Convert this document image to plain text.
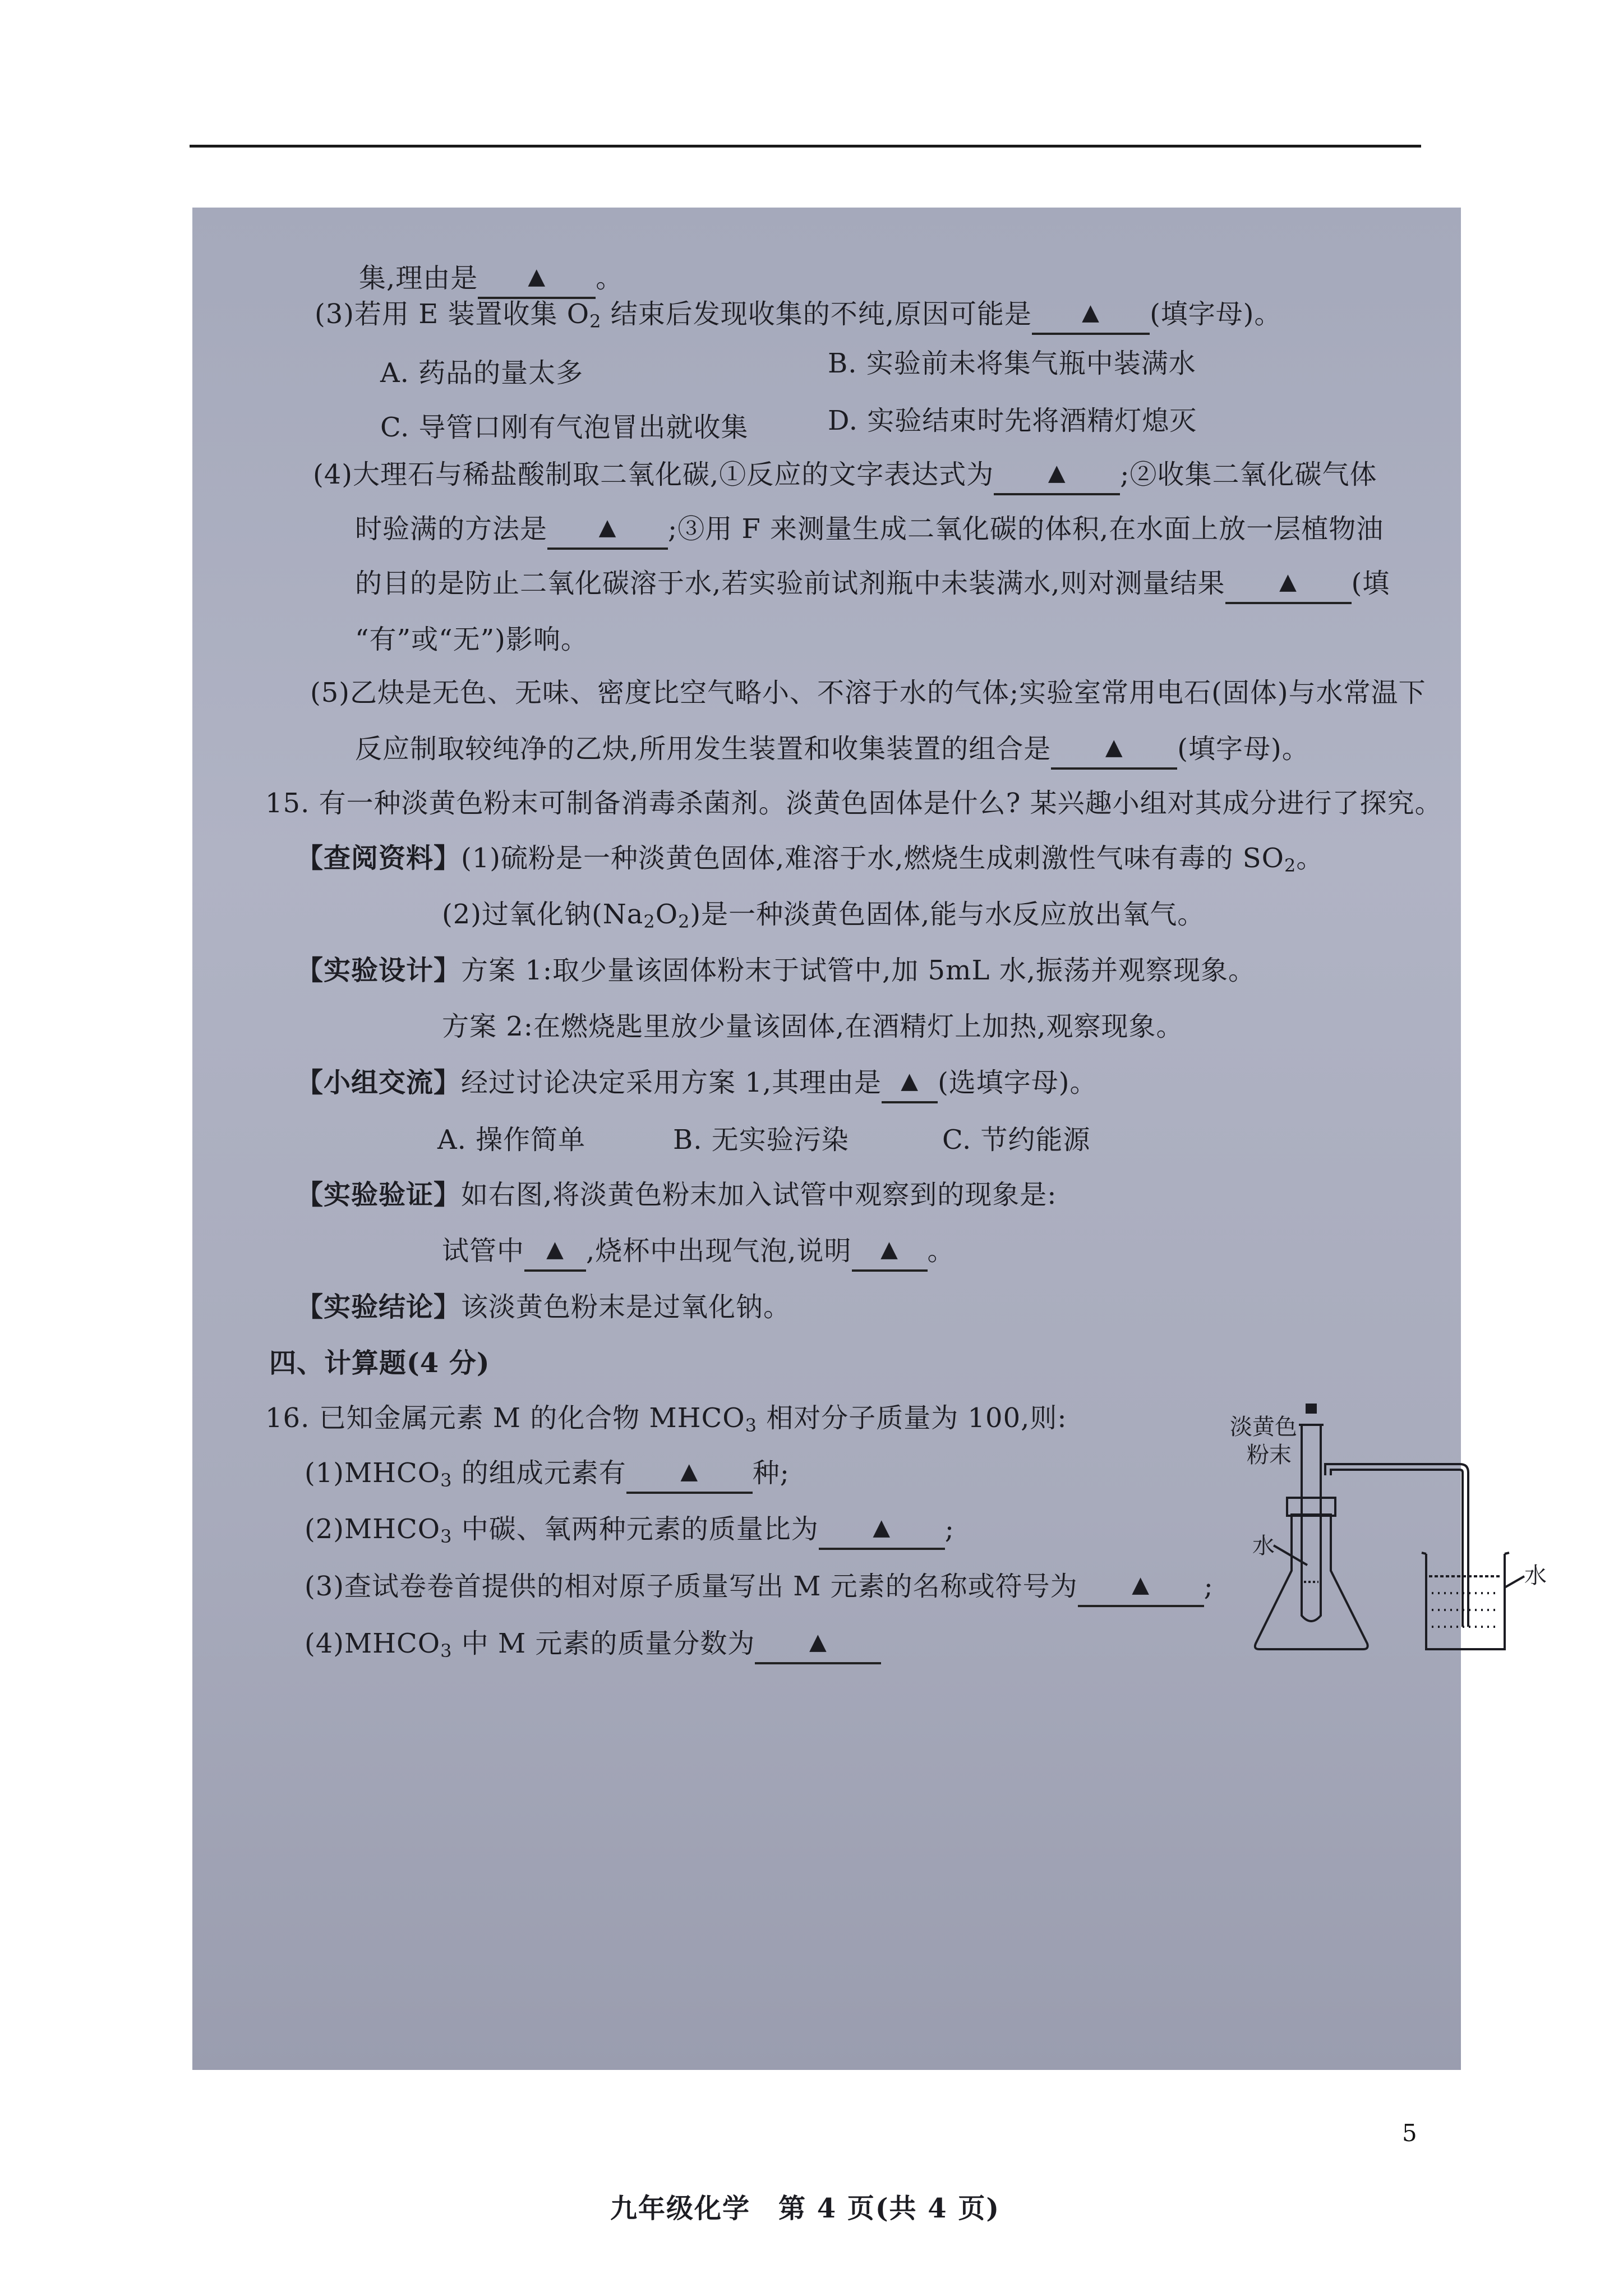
集,理由是 ▲ 。
(3)若用 E 装置收集 $O_2$ 结束后发现收集的不纯,原因可能是 ▲ (填字母)。
A. 药品的量太多	B. 实验前未将集气瓶中装满水
C. 导管口刚有气泡冒出就收集	D. 实验结束时先将酒精灯熄灭
(4)大理石与稀盐酸制取二氧化碳,①反应的文字表达式为 ▲ ;②收集二氧化碳气体
时验满的方法是 ▲ ;③用 F 来测量生成二氧化碳的体积,在水面上放一层植物油
的目的是防止二氧化碳溶于水,若实验前试剂瓶中未装满水,则对测量结果 ▲ (填
“有”或“无”)影响。
(5)乙炔是无色、无味、密度比空气略小、不溶于水的气体;实验室常用电石(固体)与水常温下
反应制取较纯净的乙炔,所用发生装置和收集装置的组合是 ▲ (填字母)。
15. 有一种淡黄色粉末可制备消毒杀菌剂。淡黄色固体是什么? 某兴趣小组对其成分进行了探究。
【查阅资料】(1)硫粉是一种淡黄色固体,难溶于水,燃烧生成刺激性气味有毒的 $SO_2$。
(2)过氧化钠$(Na_2O_2)$是一种淡黄色固体,能与水反应放出氧气。
【实验设计】方案 1:取少量该固体粉末于试管中,加 5mL 水,振荡并观察现象。
方案 2:在燃烧匙里放少量该固体,在酒精灯上加热,观察现象。
【小组交流】经过讨论决定采用方案 1,其理由是 ▲ (选填字母)。
A. 操作简单	B. 无实验污染	C. 节约能源
【实验验证】如右图,将淡黄色粉末加入试管中观察到的现象是:
试管中 ▲ ,烧杯中出现气泡,说明 ▲ 。
【实验结论】该淡黄色粉末是过氧化钠。
四、计算题(4 分)
16. 已知金属元素 M 的化合物 $MHCO_3$ 相对分子质量为 100,则:
$(1)MHCO_3$ 的组成元素有 ▲ 种;
$(2)MHCO_3$ 中碳、氧两种元素的质量比为 ▲ ;
(3)查试卷卷首提供的相对原子质量写出 M 元素的名称或符号为 ▲ ;
$(4)MHCO_3$ 中 M 元素的质量分数为 ▲
淡黄色
粉末
水
水
九年级化学　第 4 页(共 4 页)
5
